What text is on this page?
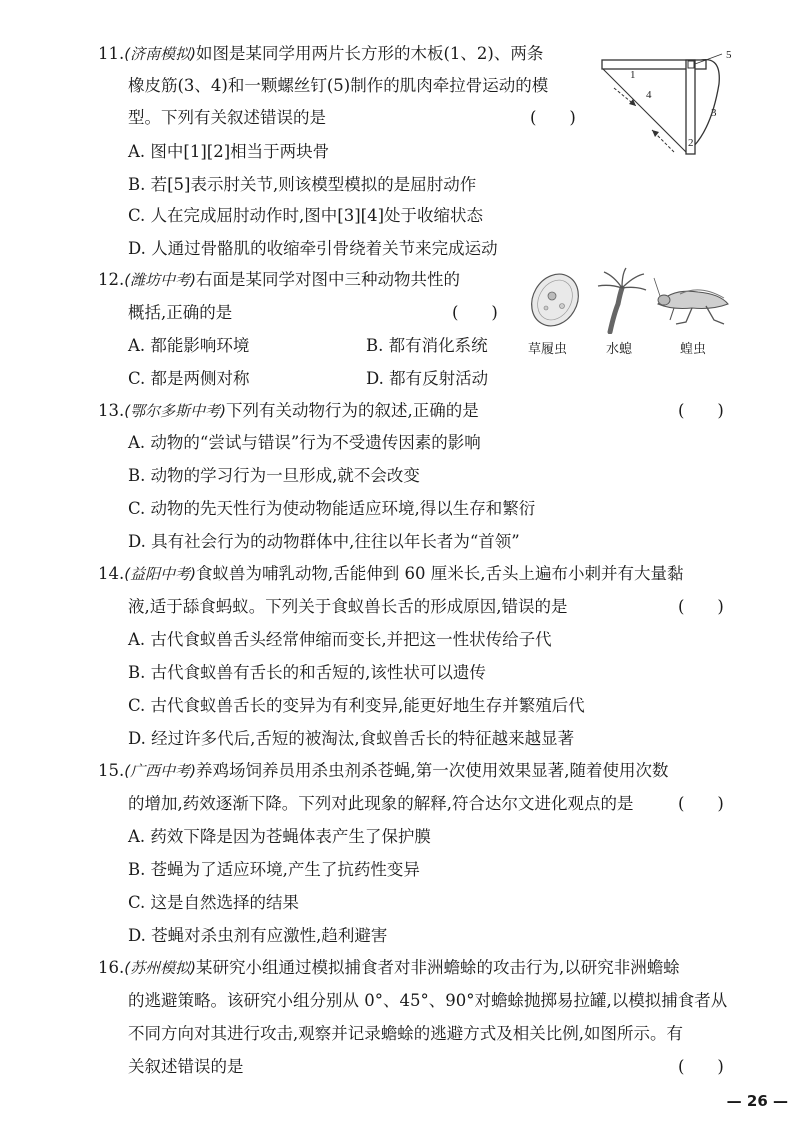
11.(济南模拟)如图是某同学用两片长方形的木板(1、2)、两条
橡皮筋(3、4)和一颗螺丝钉(5)制作的肌肉牵拉骨运动的模
型。下列有关叙述错误的是	(　　)
A. 图中[1][2]相当于两块骨
B. 若[5]表示肘关节,则该模型模拟的是屈肘动作
C. 人在完成屈肘动作时,图中[3][4]处于收缩状态
D. 人通过骨骼肌的收缩牵引骨绕着关节来完成运动
1
2
3
4
5
12.(潍坊中考)右面是某同学对图中三种动物共性的
概括,正确的是	(　　)
A. 都能影响环境	B. 都有消化系统
C. 都是两侧对称	D. 都有反射活动
草履虫	水螅	蝗虫
13.(鄂尔多斯中考)下列有关动物行为的叙述,正确的是	(　　)
A. 动物的“尝试与错误”行为不受遗传因素的影响
B. 动物的学习行为一旦形成,就不会改变
C. 动物的先天性行为使动物能适应环境,得以生存和繁衍
D. 具有社会行为的动物群体中,往往以年长者为“首领”
14.(益阳中考)食蚁兽为哺乳动物,舌能伸到 60 厘米长,舌头上遍布小刺并有大量黏
液,适于舔食蚂蚁。下列关于食蚁兽长舌的形成原因,错误的是	(　　)
A. 古代食蚁兽舌头经常伸缩而变长,并把这一性状传给子代
B. 古代食蚁兽有舌长的和舌短的,该性状可以遗传
C. 古代食蚁兽舌长的变异为有利变异,能更好地生存并繁殖后代
D. 经过许多代后,舌短的被淘汰,食蚁兽舌长的特征越来越显著
15.(广西中考)养鸡场饲养员用杀虫剂杀苍蝇,第一次使用效果显著,随着使用次数
的增加,药效逐渐下降。下列对此现象的解释,符合达尔文进化观点的是	(　　)
A. 药效下降是因为苍蝇体表产生了保护膜
B. 苍蝇为了适应环境,产生了抗药性变异
C. 这是自然选择的结果
D. 苍蝇对杀虫剂有应激性,趋利避害
16.(苏州模拟)某研究小组通过模拟捕食者对非洲蟾蜍的攻击行为,以研究非洲蟾蜍
的逃避策略。该研究小组分别从 0°、45°、90°对蟾蜍抛掷易拉罐,以模拟捕食者从
不同方向对其进行攻击,观察并记录蟾蜍的逃避方式及相关比例,如图所示。有
关叙述错误的是	(　　)
— 26 —
